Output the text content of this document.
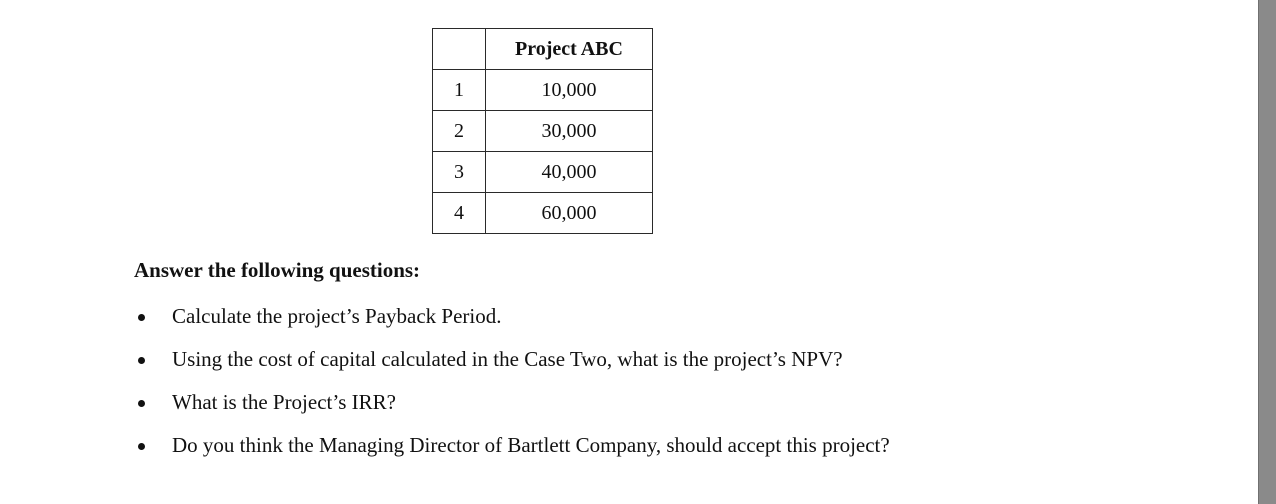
	Project ABC
1	10,000
2	30,000
3	40,000
4	60,000

Answer the following questions:

Calculate the project’s Payback Period.
Using the cost of capital calculated in the Case Two, what is the project’s NPV?
What is the Project’s IRR?
Do you think the Managing Director of Bartlett Company, should accept this project?
